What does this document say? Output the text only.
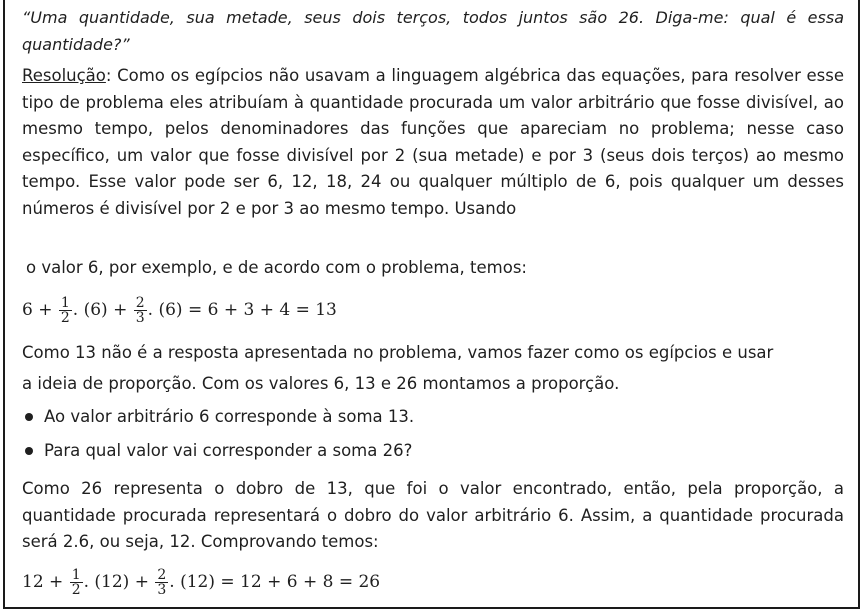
“Uma quantidade, sua metade, seus dois terços, todos juntos são 26. Diga-me: qual é essa quantidade?”
Resolução: Como os egípcios não usavam a linguagem algébrica das equações, para resolver esse tipo de problema eles atribuíam à quantidade procurada um valor arbitrário que fosse divisível, ao mesmo tempo, pelos denominadores das funções que apareciam no problema; nesse caso específico, um valor que fosse divisível por 2 (sua metade) e por 3 (seus dois terços) ao mesmo tempo. Esse valor pode ser 6, 12, 18, 24 ou qualquer múltiplo de 6, pois qualquer um desses números é divisível por 2 e por 3 ao mesmo tempo. Usando
o valor 6, por exemplo, e de acordo com o problema, temos:
6 +
$\frac{1}{2}$ . (6) +
$\frac{2}{3}$ . (6) = 6 + 3 + 4 = 13
Como 13 não é a resposta apresentada no problema, vamos fazer como os egípcios e usar
a ideia de proporção. Com os valores 6, 13 e 26 montamos a proporção.
Ao valor arbitrário 6 corresponde à soma 13.
Para qual valor vai corresponder a soma 26?
Como 26 representa o dobro de 13, que foi o valor encontrado, então, pela proporção, a quantidade procurada representará o dobro do valor arbitrário 6. Assim, a quantidade procurada será 2.6, ou seja, 12. Comprovando temos:
12 +
$\frac{1}{2}$ . (12) +
$\frac{2}{3}$ . (12) = 12 + 6 + 8 = 26
